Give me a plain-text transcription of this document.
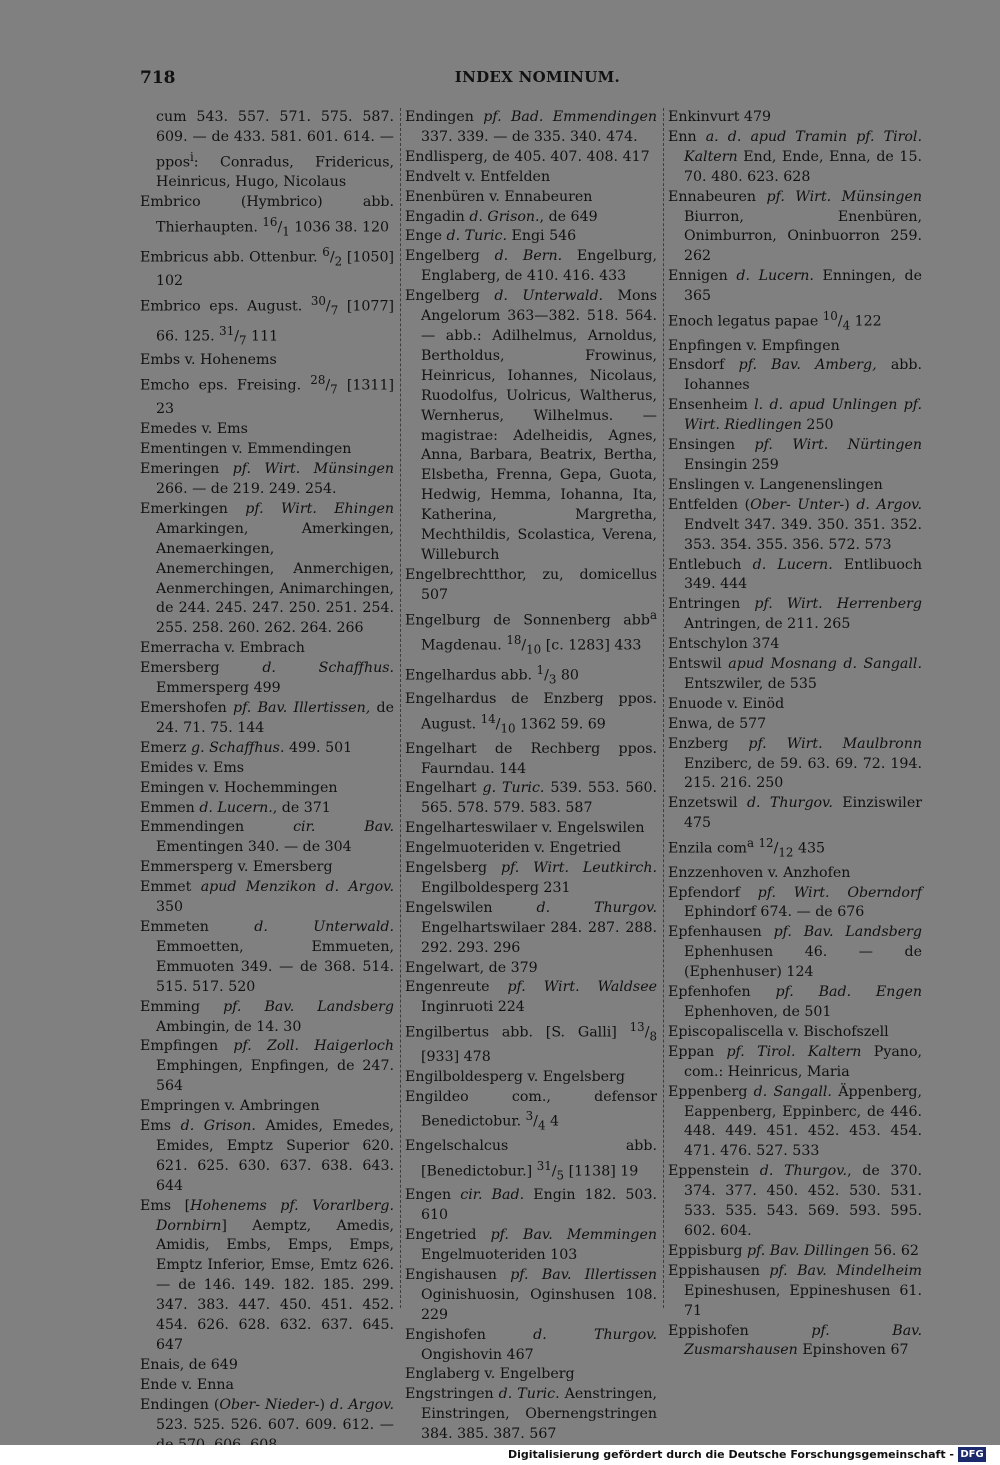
718	INDEX NOMINUM.

cum 543. 557. 571. 575. 587. 609. — de 433. 581. 601. 614. — ppos$^i$: Conradus, Fridericus, Heinricus, Hugo, Nicolaus

Embrico (Hymbrico) abb. Thierhaupten. $^{16}/_1$ 1036 38. 120

Embricus abb. Ottenbur. $^6/_2$ [1050] 102

Embrico eps. August. $^{30}/_7$ [1077] 66. 125. $^{31}/_7$ 111

Embs v. Hohenems

Emcho eps. Freising. $^{28}/_7$ [1311] 23

Emedes v. Ems

Ementingen v. Emmendingen

Emeringen pf. Wirt. Münsingen 266. — de 219. 249. 254.

Emerkingen pf. Wirt. Ehingen Amarkingen, Amerkingen, Anemaerkingen, Anemerchingen, Anmerchigen, Aenmerchingen, Animarchingen, de 244. 245. 247. 250. 251. 254. 255. 258. 260. 262. 264. 266

Emerracha v. Embrach

Emersberg d. Schaffhus. Emmersperg 499

Emershofen pf. Bav. Illertissen, de 24. 71. 75. 144

Emerz g. Schaffhus. 499. 501

Emides v. Ems

Emingen v. Hochemmingen

Emmen d. Lucern., de 371

Emmendingen cir. Bav. Ementingen 340. — de 304

Emmersperg v. Emersberg

Emmet apud Menzikon d. Argov. 350

Emmeten d. Unterwald. Emmoetten, Emmueten, Emmuoten 349. — de 368. 514. 515. 517. 520

Emming pf. Bav. Landsberg Ambingin, de 14. 30

Empfingen pf. Zoll. Haigerloch Emphingen, Enpfingen, de 247. 564

Empringen v. Ambringen

Ems d. Grison. Amides, Emedes, Emides, Emptz Superior 620. 621. 625. 630. 637. 638. 643. 644

Ems [Hohenems pf. Vorarlberg. Dornbirn] Aemptz, Amedis, Amidis, Embs, Emps, Emps, Emptz Inferior, Emse, Emtz 626. — de 146. 149. 182. 185. 299. 347. 383. 447. 450. 451. 452. 454. 626. 628. 632. 637. 645. 647

Enais, de 649

Ende v. Enna

Endingen (Ober- Nieder-) d. Argov. 523. 525. 526. 607. 609. 612. —

Endingen pf. Bad. Emmendingen 337. 339. — de 335. 340. 474.

Endlisperg, de 405. 407. 408. 417

Endvelt v. Entfelden

Enenbüren v. Ennabeuren

Engadin d. Grison., de 649

Enge d. Turic. Engi 546

Engelberg d. Bern. Engelburg, Englaberg, de 410. 416. 433

Engelberg d. Unterwald. Mons Angelorum 363—382. 518. 564. — abb.: Adilhelmus, Arnoldus, Bertholdus, Frowinus, Heinricus, Iohannes, Nicolaus, Ruodolfus, Uolricus, Waltherus, Wernherus, Wilhelmus. — magistrae: Adelheidis, Agnes, Anna, Barbara, Beatrix, Bertha, Elsbetha, Frenna, Gepa, Guota, Hedwig, Hemma, Iohanna, Ita, Katherina, Margretha, Mechthildis, Scolastica, Verena, Willeburch

Engelbrechtthor, zu, domicellus 507

Engelburg de Sonnenberg abb$^a$ Magdenau. $^{18}/_{10}$ [c. 1283] 433

Engelhardus abb. $^1/_3$ 80

Engelhardus de Enzberg ppos. August. $^{14}/_{10}$ 1362 59. 69

Engelhart de Rechberg ppos. Faurndau. 144

Engelhart g. Turic. 539. 553. 560. 565. 578. 579. 583. 587

Engelharteswilaer v. Engelswilen

Engelmuoteriden v. Engetried

Engelsberg pf. Wirt. Leutkirch. Engilboldesperg 231

Engelswilen d. Thurgov. Engelhartswilaer 284. 287. 288. 292. 293. 296

Engelwart, de 379

Engenreute pf. Wirt. Waldsee Inginruoti 224

Engilbertus abb. [S. Galli] $^{13}/_8$ [933] 478

Engilboldesperg v. Engelsberg

Engildeo com., defensor Benedictobur. $^3/_4$ 4

Engelschalcus abb. [Benedictobur.] $^{31}/_5$ [1138] 19

Engen cir. Bad. Engin 182. 503. 610

Engetried pf. Bav. Memmingen Engelmuoteriden 103

Engishausen pf. Bav. Illertissen Oginishuosin, Oginshusen 108. 229

Engishofen d. Thurgov. Ongishovin 467

Englaberg v. Engelberg

Engstringen d. Turic. Aenstringen, Einstringen, Obernengstringen 384. 385. 387. 567

Enkinvurt 479

Enn a. d. apud Tramin pf. Tirol. Kaltern End, Ende, Enna, de 15. 70. 480. 623. 628

Ennabeuren pf. Wirt. Münsingen Biurron, Enenbüren, Onimburron, Oninbuorron 259. 262

Ennigen d. Lucern. Enningen, de 365

Enoch legatus papae $^{10}/_4$ 122

Enpfingen v. Empfingen

Ensdorf pf. Bav. Amberg, abb. Iohannes

Ensenheim l. d. apud Unlingen pf. Wirt. Riedlingen 250

Ensingen pf. Wirt. Nürtingen Ensingin 259

Enslingen v. Langenenslingen

Entfelden (Ober- Unter-) d. Argov. Endvelt 347. 349. 350. 351. 352. 353. 354. 355. 356. 572. 573

Entlebuch d. Lucern. Entlibuoch 349. 444

Entringen pf. Wirt. Herrenberg Antringen, de 211. 265

Entschylon 374

Entswil apud Mosnang d. Sangall. Entszwiler, de 535

Enuode v. Einöd

Enwa, de 577

Enzberg pf. Wirt. Maulbronn Enziberc, de 59. 63. 69. 72. 194. 215. 216. 250

Enzetswil d. Thurgov. Einziswiler 475

Enzila com$^a$ $^{12}/_{12}$ 435

Enzzenhoven v. Anzhofen

Epfendorf pf. Wirt. Oberndorf Ephindorf 674. — de 676

Epfenhausen pf. Bav. Landsberg Ephenhusen 46. — de (Ephenhuser) 124

Epfenhofen pf. Bad. Engen Ephenhoven, de 501

Episcopaliscella v. Bischofszell

Eppan pf. Tirol. Kaltern Pyano, com.: Heinricus, Maria

Eppenberg d. Sangall. Äppenberg, Eappenberg, Eppinberc, de 446. 448. 449. 451. 452. 453. 454. 471. 476. 527. 533

Eppenstein d. Thurgov., de 370. 374. 377. 450. 452. 530. 531. 533. 535. 543. 569. 593. 595. 602. 604.

Eppisburg pf. Bav. Dillingen 56. 62

Eppishausen pf. Bav. Mindelheim Epineshusen, Eppineshusen 61. 71

Eppishofen pf. Bav. Zusmarshausen Epinshoven 67

Digitalisierung gefördert durch die Deutsche Forschungsgemeinschaft - DFG
